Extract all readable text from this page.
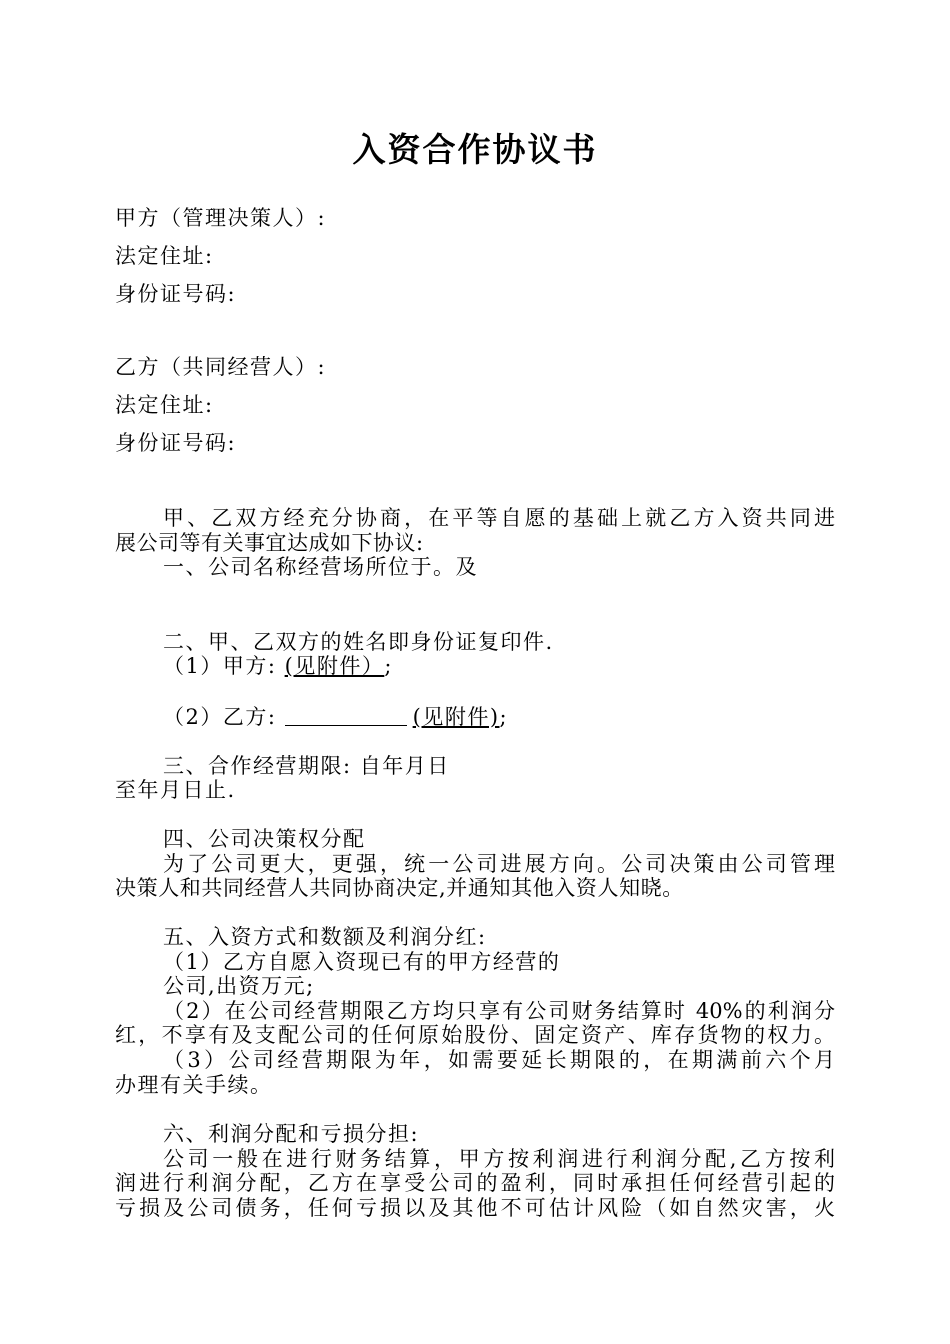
入资合作协议书
甲方（管理决策人）:
法定住址:
身份证号码:
乙方（共同经营人）:
法定住址:
身份证号码:
甲、乙双方经充分协商，在平等自愿的基础上就乙方入资共同进
展公司等有关事宜达成如下协议:
一、公司名称经营场所位于。及
二、甲、乙双方的姓名即身份证复印件.
（1）甲方: (见附件）;
（2）乙方:	(见附件);
三、合作经营期限: 自年月日
至年月日止.
四、公司决策权分配
为了公司更大，更强，统一公司进展方向。公司决策由公司管理
决策人和共同经营人共同协商决定,并通知其他入资人知晓。
五、入资方式和数额及利润分红:
（1）乙方自愿入资现已有的甲方经营的
公司,出资万元;
（2）在公司经营期限乙方均只享有公司财务结算时 40%的利润分
红，不享有及支配公司的任何原始股份、固定资产、库存货物的权力。
（3）公司经营期限为年，如需要延长期限的，在期满前六个月
办理有关手续。
六、利润分配和亏损分担:
公司一般在进行财务结算，甲方按利润进行利润分配,乙方按利
润进行利润分配，乙方在享受公司的盈利，同时承担任何经营引起的
亏损及公司债务，任何亏损以及其他不可估计风险（如自然灾害，火
